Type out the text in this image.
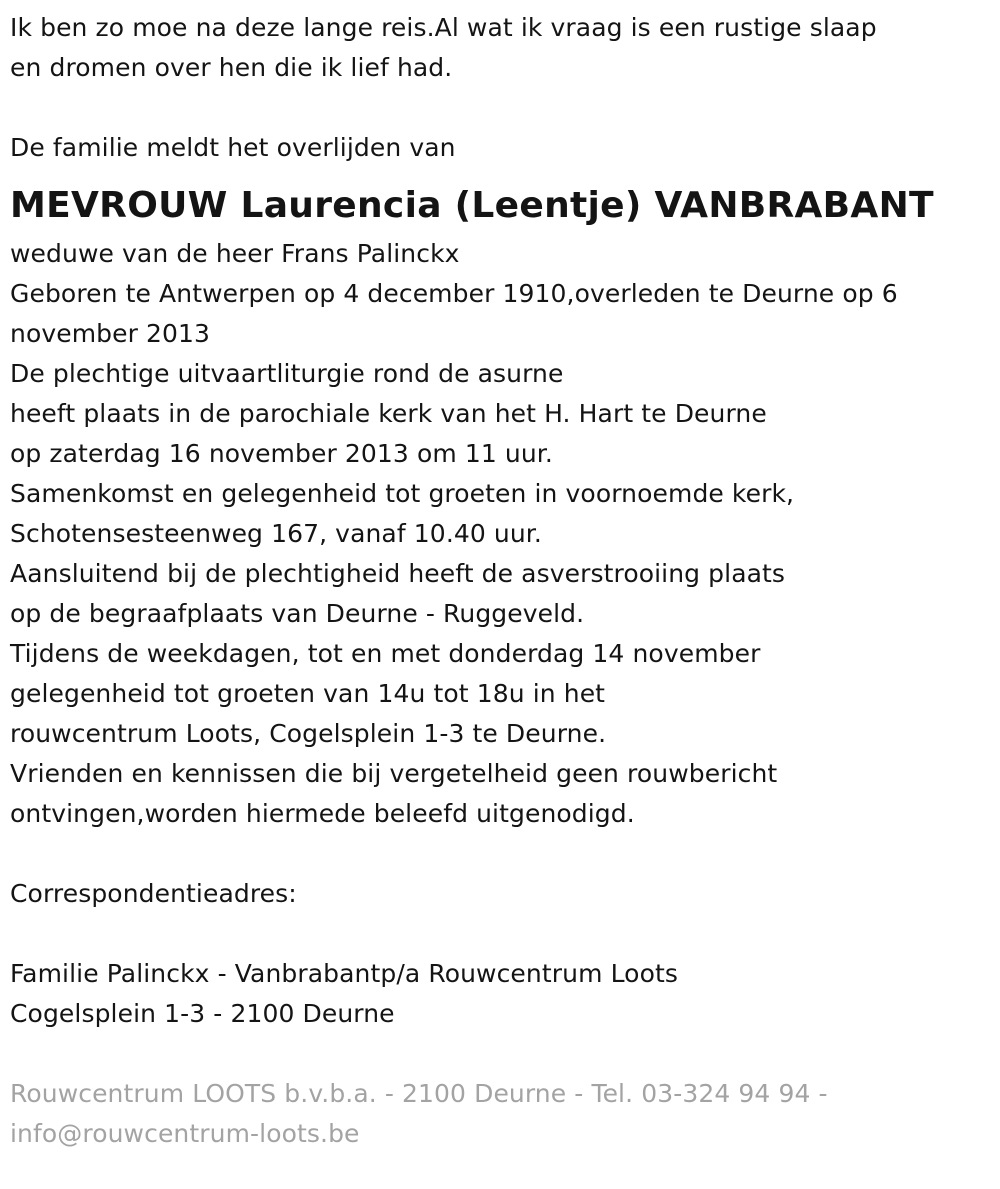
Ik ben zo moe na deze lange reis.Al wat ik vraag is een rustige slaap
en dromen over hen die ik lief had.
De familie meldt het overlijden van
MEVROUW Laurencia (Leentje) VANBRABANT
weduwe van de heer Frans Palinckx
Geboren te Antwerpen op 4 december 1910,overleden te Deurne op 6
november 2013
De plechtige uitvaartliturgie rond de asurne
heeft plaats in de parochiale kerk van het H. Hart te Deurne
op zaterdag 16 november 2013 om 11 uur.
Samenkomst en gelegenheid tot groeten in voornoemde kerk,
Schotensesteenweg 167, vanaf 10.40 uur.
Aansluitend bij de plechtigheid heeft de asverstrooiing plaats
op de begraafplaats van Deurne - Ruggeveld.
Tijdens de weekdagen, tot en met donderdag 14 november
gelegenheid tot groeten van 14u tot 18u in het
rouwcentrum Loots, Cogelsplein 1-3 te Deurne.
Vrienden en kennissen die bij vergetelheid geen rouwbericht
ontvingen,worden hiermede beleefd uitgenodigd.
Correspondentieadres:
Familie Palinckx - Vanbrabantp/a Rouwcentrum Loots
Cogelsplein 1-3 - 2100 Deurne
Rouwcentrum LOOTS b.v.b.a. - 2100 Deurne - Tel. 03-324 94 94 -
info@rouwcentrum-loots.be
